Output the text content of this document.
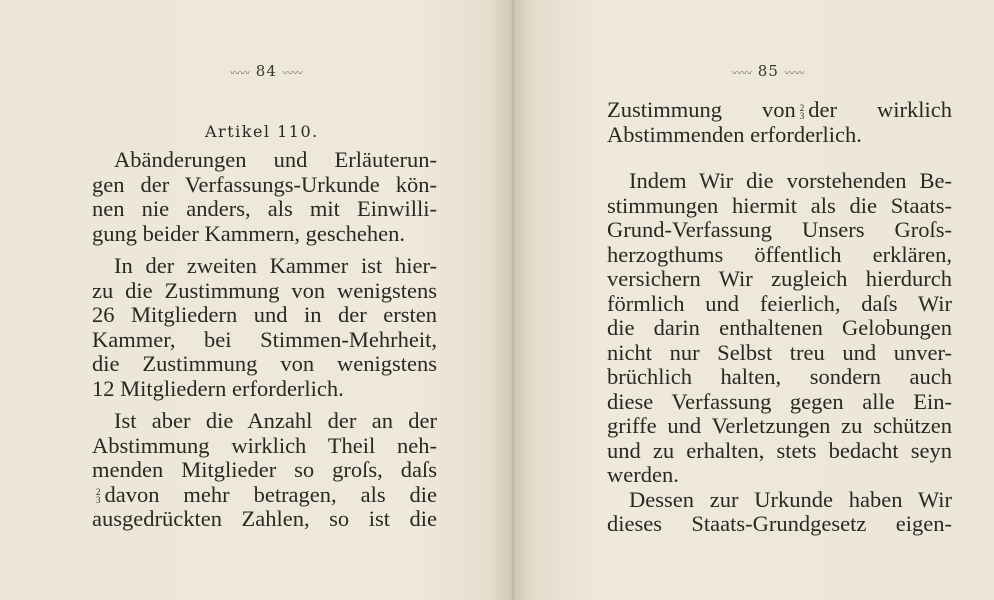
〰〰 84 〰〰
Artikel 110.
Abänderungen und Erläuterun-
gen der Verfassungs-Urkunde kön-
nen nie anders, als mit Einwilli-
gung beider Kammern, geschehen.
In der zweiten Kammer ist hier-
zu die Zustimmung von wenigstens
26 Mitgliedern und in der ersten
Kammer, bei Stimmen-Mehrheit,
die Zustimmung von wenigstens
12 Mitgliedern erforderlich.
Ist aber die Anzahl der an der
Abstimmung wirklich Theil neh-
menden Mitglieder so groſs, daſs
2
3 davon mehr betragen, als die
ausgedrückten Zahlen, so ist die
〰〰 85 〰〰
Zustimmung von 2
3 der wirklich
Abstimmenden erforderlich.
Indem Wir die vorstehenden Be-
stimmungen hiermit als die Staats-
Grund-Verfassung Unsers Groſs-
herzogthums öffentlich erklären,
versichern Wir zugleich hierdurch
förmlich und feierlich, daſs Wir
die darin enthaltenen Gelobungen
nicht nur Selbst treu und unver-
brüchlich halten, sondern auch
diese Verfassung gegen alle Ein-
griffe und Verletzungen zu schützen
und zu erhalten, stets bedacht seyn
werden.
Dessen zur Urkunde haben Wir
dieses Staats-Grundgesetz eigen-
